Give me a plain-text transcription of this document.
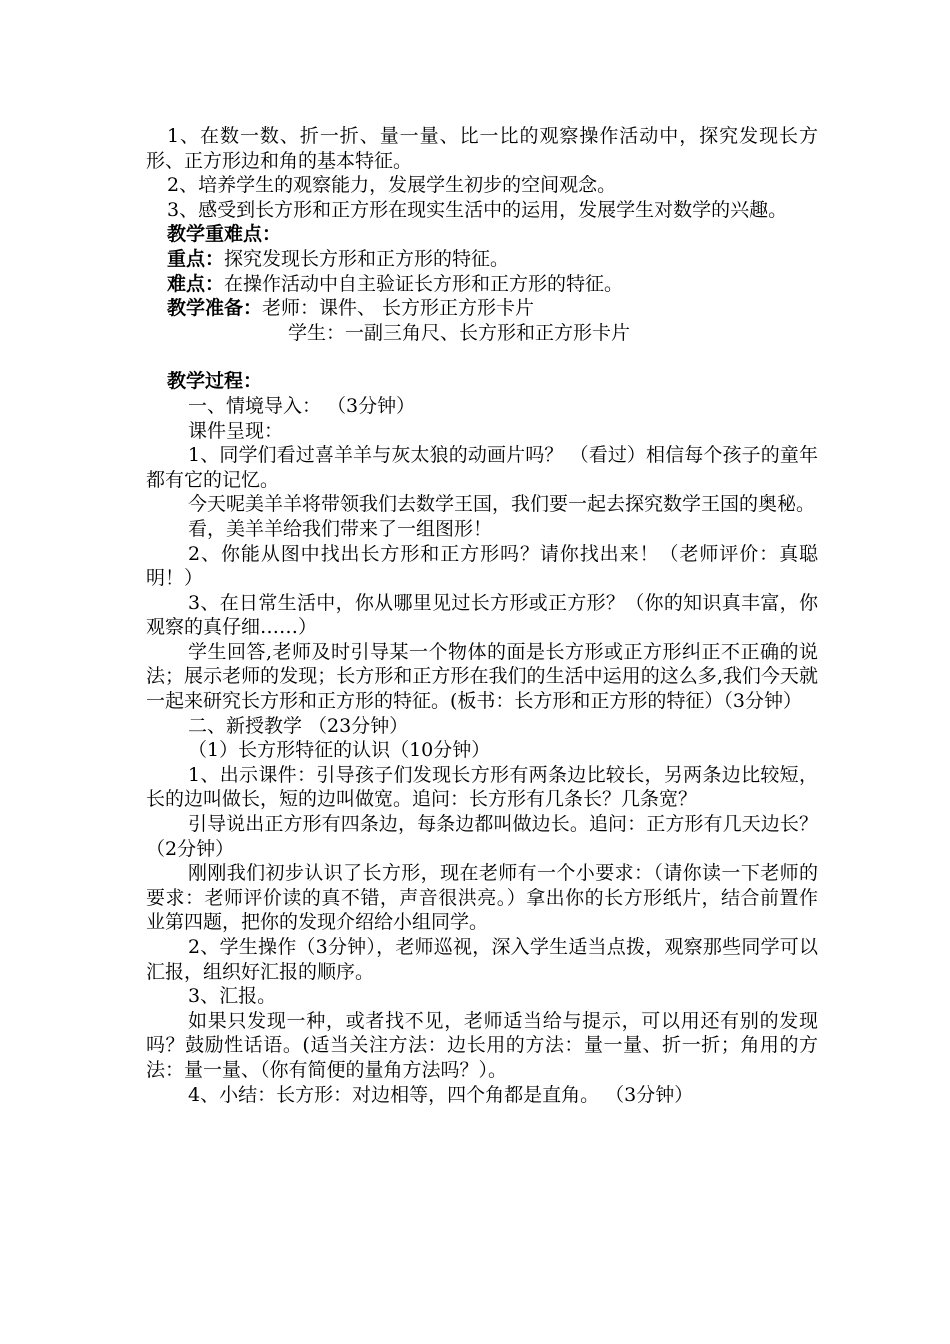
1、在数一数、折一折、量一量、比一比的观察操作活动中，探究发现长方形、正方形边和角的基本特征。

2、培养学生的观察能力，发展学生初步的空间观念。

3、感受到长方形和正方形在现实生活中的运用，发展学生对数学的兴趣。

教学重难点：

重点：探究发现长方形和正方形的特征。

难点：在操作活动中自主验证长方形和正方形的特征。

教学准备：老师：课件、 长方形正方形卡片

学生：一副三角尺、长方形和正方形卡片

教学过程：

一、情境导入： （3分钟）

课件呈现：

1、同学们看过喜羊羊与灰太狼的动画片吗？ （看过）相信每个孩子的童年都有它的记忆。

今天呢美羊羊将带领我们去数学王国，我们要一起去探究数学王国的奥秘。

看，美羊羊给我们带来了一组图形！

2、你能从图中找出长方形和正方形吗？请你找出来！（老师评价：真聪明！）

3、在日常生活中，你从哪里见过长方形或正方形？（你的知识真丰富，你观察的真仔细……）

学生回答,老师及时引导某一个物体的面是长方形或正方形纠正不正确的说法；展示老师的发现；长方形和正方形在我们的生活中运用的这么多,我们今天就一起来研究长方形和正方形的特征。(板书：长方形和正方形的特征）（3分钟）

二、新授教学 （23分钟）

（1）长方形特征的认识（10分钟）

1、出示课件：引导孩子们发现长方形有两条边比较长，另两条边比较短，长的边叫做长，短的边叫做宽。追问：长方形有几条长？几条宽？

引导说出正方形有四条边，每条边都叫做边长。追问：正方形有几天边长？（2分钟）

刚刚我们初步认识了长方形，现在老师有一个小要求：（请你读一下老师的要求：老师评价读的真不错，声音很洪亮。）拿出你的长方形纸片，结合前置作业第四题，把你的发现介绍给小组同学。

2、学生操作（3分钟），老师巡视，深入学生适当点拨，观察那些同学可以汇报，组织好汇报的顺序。

3、汇报。

如果只发现一种，或者找不见，老师适当给与提示，可以用还有别的发现吗？鼓励性话语。(适当关注方法：边长用的方法：量一量、折一折；角用的方法：量一量、（你有简便的量角方法吗？）。

4、小结：长方形：对边相等，四个角都是直角。 （3分钟）
